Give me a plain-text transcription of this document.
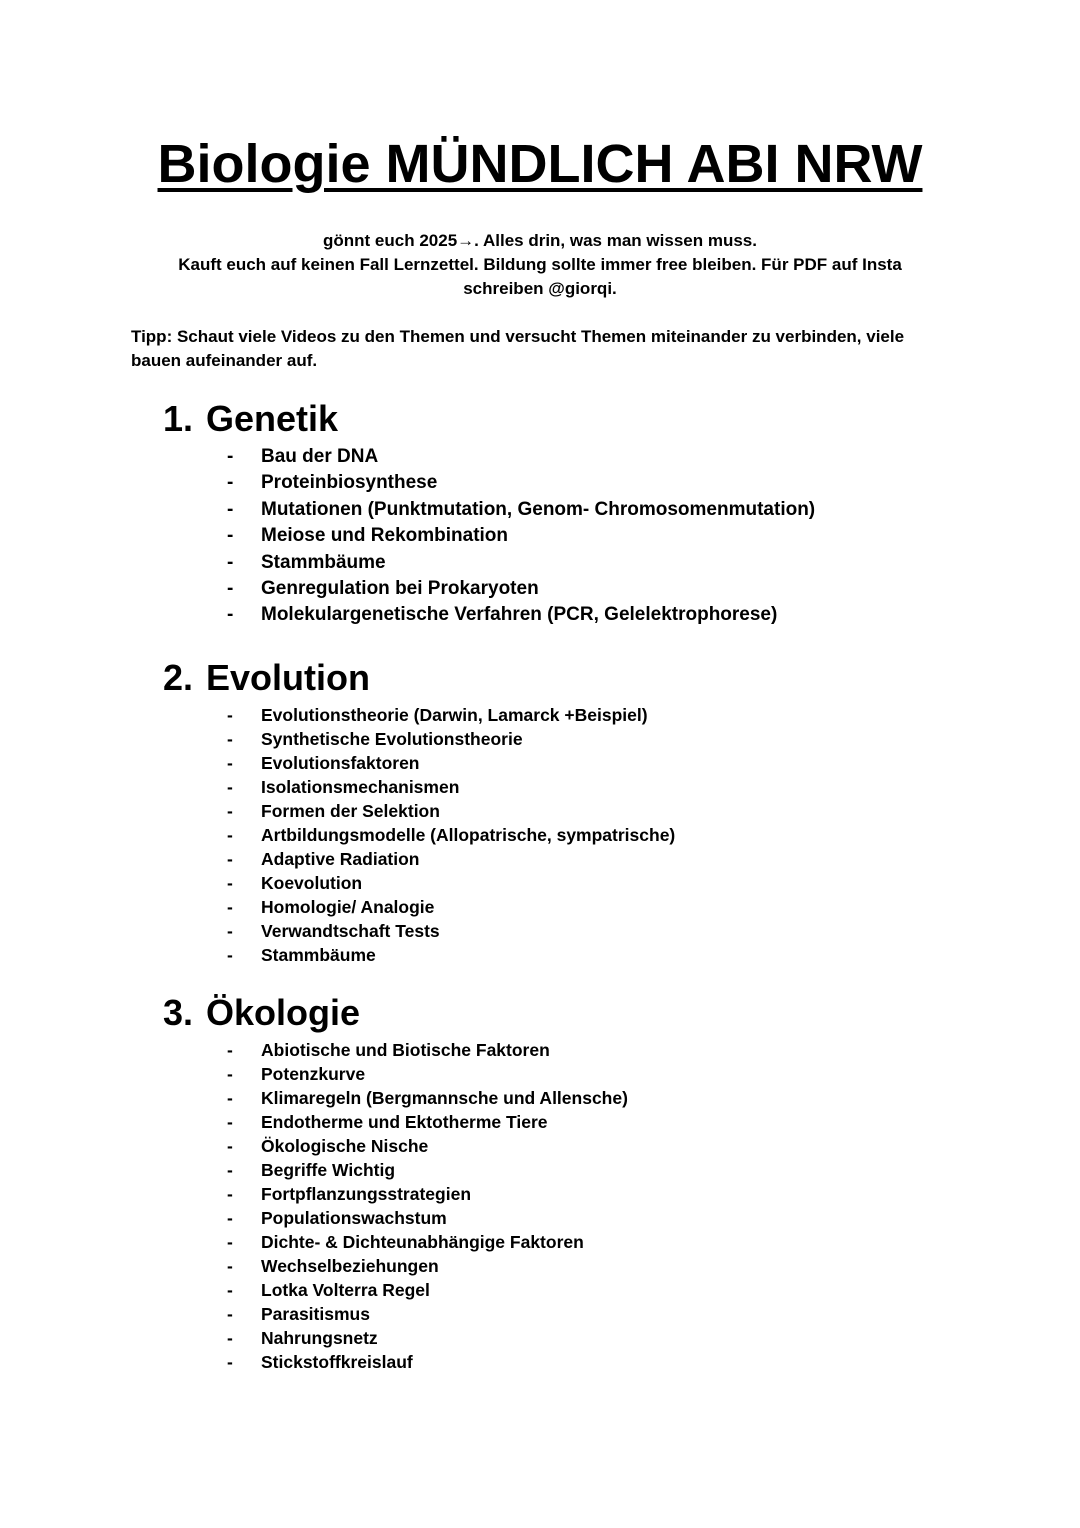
Biologie MÜNDLICH ABI NRW

gönnt euch 2025→. Alles drin, was man wissen muss.

Kauft euch auf keinen Fall Lernzettel. Bildung sollte immer free bleiben. Für PDF auf Insta schreiben @giorqi.

Tipp: Schaut viele Videos zu den Themen und versucht Themen miteinander zu verbinden, viele bauen aufeinander auf.

1. Genetik
- Bau der DNA
- Proteinbiosynthese
- Mutationen (Punktmutation, Genom- Chromosomenmutation)
- Meiose und Rekombination
- Stammbäume
- Genregulation bei Prokaryoten
- Molekulargenetische Verfahren (PCR, Gelelektrophorese)
2. Evolution
- Evolutionstheorie (Darwin, Lamarck +Beispiel)
- Synthetische Evolutionstheorie
- Evolutionsfaktoren
- Isolationsmechanismen
- Formen der Selektion
- Artbildungsmodelle (Allopatrische, sympatrische)
- Adaptive Radiation
- Koevolution
- Homologie/ Analogie
- Verwandtschaft Tests
- Stammbäume
3. Ökologie
- Abiotische und Biotische Faktoren
- Potenzkurve
- Klimaregeln (Bergmannsche und Allensche)
- Endotherme und Ektotherme Tiere
- Ökologische Nische
- Begriffe Wichtig
- Fortpflanzungsstrategien
- Populationswachstum
- Dichte- & Dichteunabhängige Faktoren
- Wechselbeziehungen
- Lotka Volterra Regel
- Parasitismus
- Nahrungsnetz
- Stickstoffkreislauf
